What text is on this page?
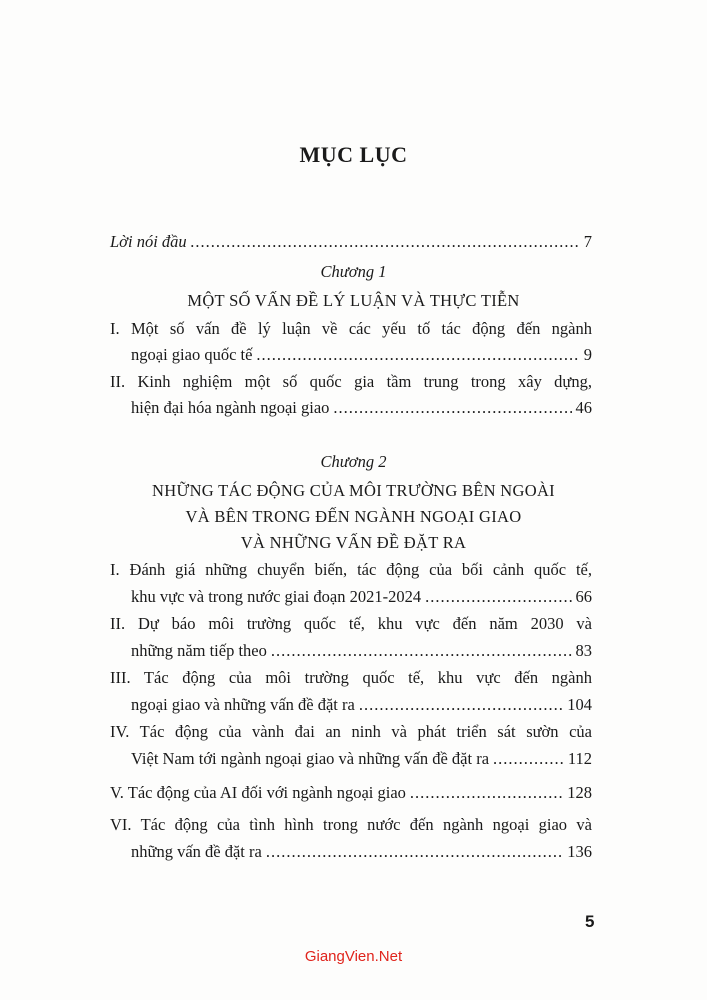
MỤC LỤC
Lời nói đầu .....	7
Chương 1
MỘT SỐ VẤN ĐỀ LÝ LUẬN VÀ THỰC TIỄN
I. Một số vấn đề lý luận về các yếu tố tác động đến ngành
ngoại giao quốc tế .....	9
II. Kinh nghiệm một số quốc gia tầm trung trong xây dựng,
hiện đại hóa ngành ngoại giao .....	46
Chương 2
NHỮNG TÁC ĐỘNG CỦA MÔI TRƯỜNG BÊN NGOÀI
VÀ BÊN TRONG ĐẾN NGÀNH NGOẠI GIAO
VÀ NHỮNG VẤN ĐỀ ĐẶT RA
I. Đánh giá những chuyển biến, tác động của bối cảnh quốc tế,
khu vực và trong nước giai đoạn 2021-2024 .....	66
II. Dự báo môi trường quốc tế, khu vực đến năm 2030 và
những năm tiếp theo .....	83
III. Tác động của môi trường quốc tế, khu vực đến ngành
ngoại giao và những vấn đề đặt ra .....	104
IV. Tác động của vành đai an ninh và phát triển sát sườn của
Việt Nam tới ngành ngoại giao và những vấn đề đặt ra .....	112
V. Tác động của AI đối với ngành ngoại giao .....	128
VI. Tác động của tình hình trong nước đến ngành ngoại giao và
những vấn đề đặt ra .....	136
5
GiangVien.Net
